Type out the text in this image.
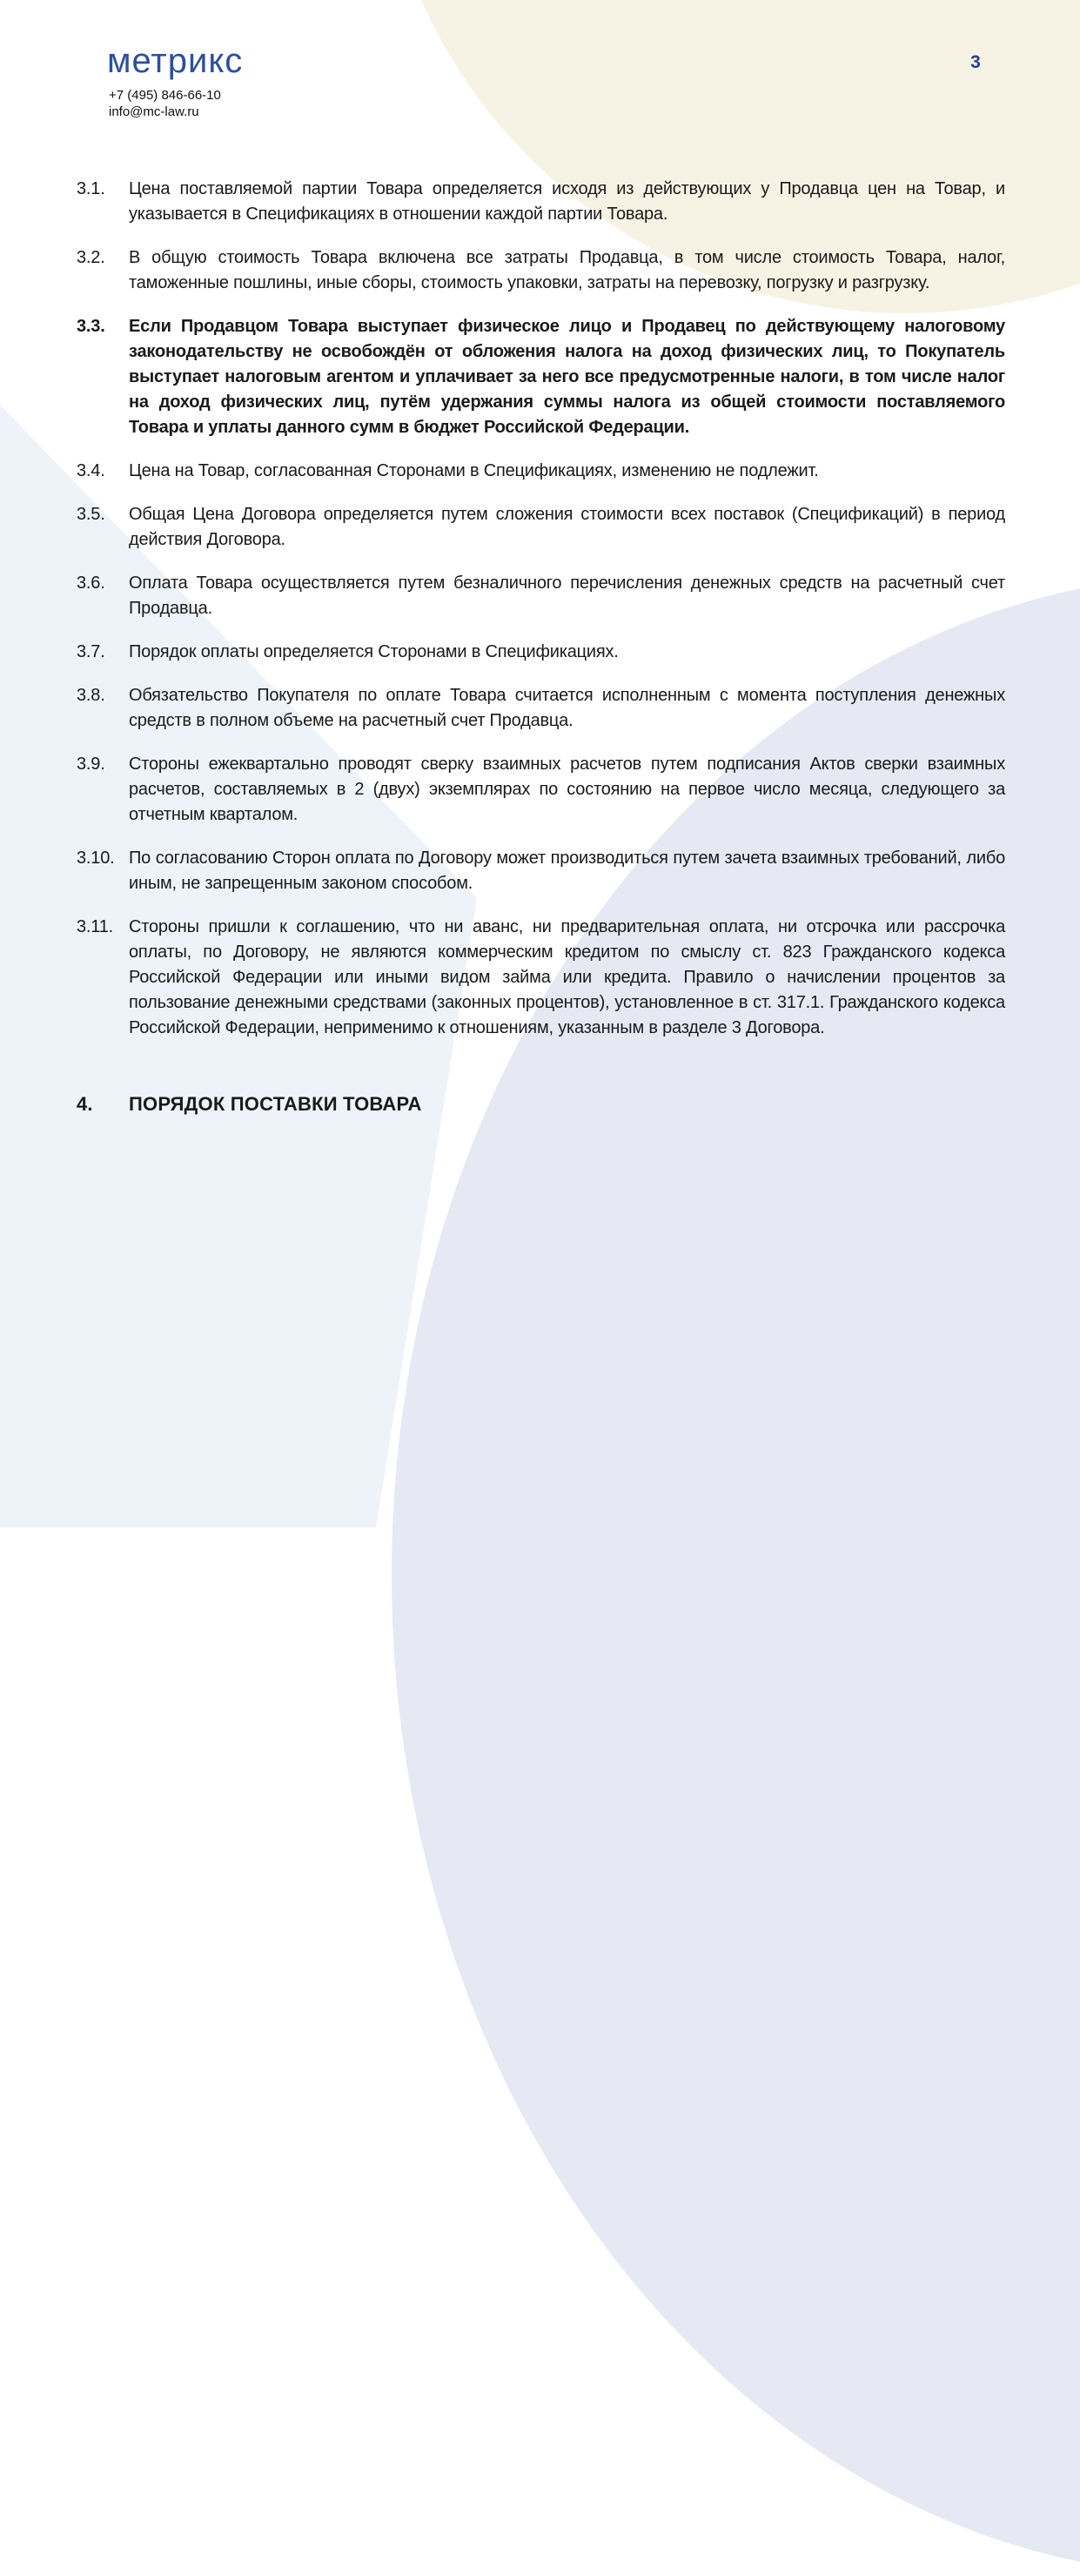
метрикс
+7 (495) 846-66-10
info@mc-law.ru
3
3.1. Цена поставляемой партии Товара определяется исходя из действующих у Продавца цен на Товар, и указывается в Спецификациях в отношении каждой партии Товара.

3.2. В общую стоимость Товара включена все затраты Продавца, в том числе стоимость Товара, налог, таможенные пошлины, иные сборы, стоимость упаковки, затраты на перевозку, погрузку и разгрузку.

3.3. Если Продавцом Товара выступает физическое лицо и Продавец по действующему налоговому законодательству не освобождён от обложения налога на доход физических лиц, то Покупатель выступает налоговым агентом и уплачивает за него все предусмотренные налоги, в том числе налог на доход физических лиц, путём удержания суммы налога из общей стоимости поставляемого Товара и уплаты данного сумм в бюджет Российской Федерации.

3.4. Цена на Товар, согласованная Сторонами в Спецификациях, изменению не подлежит.

3.5. Общая Цена Договора определяется путем сложения стоимости всех поставок (Спецификаций) в период действия Договора.

3.6. Оплата Товара осуществляется путем безналичного перечисления денежных средств на расчетный счет Продавца.

3.7. Порядок оплаты определяется Сторонами в Спецификациях.

3.8. Обязательство Покупателя по оплате Товара считается исполненным с момента поступления денежных средств в полном объеме на расчетный счет Продавца.

3.9. Стороны ежеквартально проводят сверку взаимных расчетов путем подписания Актов сверки взаимных расчетов, составляемых в 2 (двух) экземплярах по состоянию на первое число месяца, следующего за отчетным кварталом.

3.10. По согласованию Сторон оплата по Договору может производиться путем зачета взаимных требований, либо иным, не запрещенным законом способом.

3.11. Стороны пришли к соглашению, что ни аванс, ни предварительная оплата, ни отсрочка или рассрочка оплаты, по Договору, не являются коммерческим кредитом по смыслу ст. 823 Гражданского кодекса Российской Федерации или иными видом займа или кредита. Правило о начислении процентов за пользование денежными средствами (законных процентов), установленное в ст. 317.1. Гражданского кодекса Российской Федерации, неприменимо к отношениям, указанным в разделе 3 Договора.

4. ПОРЯДОК ПОСТАВКИ ТОВАРА
